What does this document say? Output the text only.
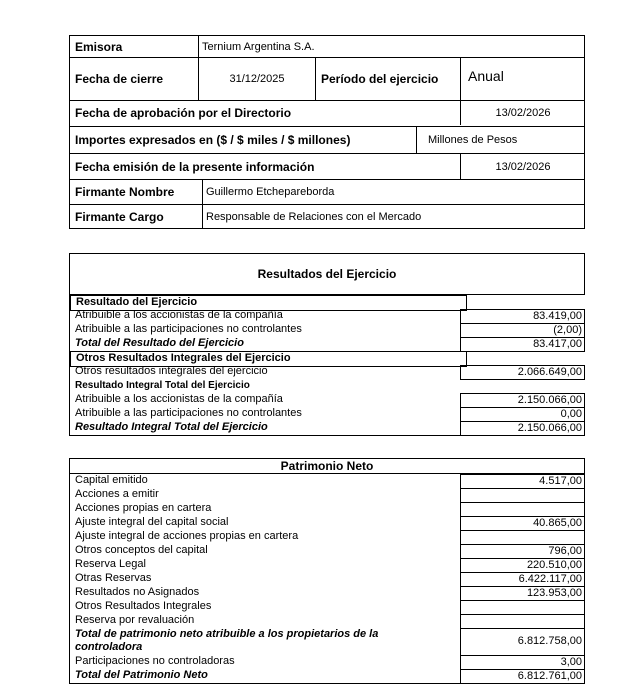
Emisora	Ternium Argentina S.A.
Fecha de cierre	31/12/2025	Período del ejercicio	Anual
Fecha de aprobación por el Directorio	13/02/2026
Importes expresados en ($ / $ miles / $ millones)	Millones de Pesos
Fecha emisión de la presente información	13/02/2026
Firmante Nombre	Guillermo Etchepareborda
Firmante Cargo	Responsable de Relaciones con el Mercado
Resultados del Ejercicio
Resultado del Ejercicio
Atribuible a los accionistas de la compañía	83.419,00
Atribuible a las participaciones no controlantes	(2,00)
Total del Resultado del Ejercicio	83.417,00
Otros Resultados Integrales del Ejercicio
Otros resultados integrales del ejercicio	2.066.649,00
Resultado Integral Total del Ejercicio
Atribuible a los accionistas de la compañía	2.150.066,00
Atribuible a las participaciones no controlantes	0,00
Resultado Integral Total del Ejercicio	2.150.066,00
Patrimonio Neto
Capital emitido	4.517,00
Acciones a emitir
Acciones propias en cartera
Ajuste integral del capital social	40.865,00
Ajuste integral de acciones propias en cartera
Otros conceptos del capital	796,00
Reserva Legal	220.510,00
Otras Reservas	6.422.117,00
Resultados no Asignados	123.953,00
Otros Resultados Integrales
Reserva por revaluación
Total de patrimonio neto atribuible a los propietarios de la controladora	6.812.758,00
Participaciones no controladoras	3,00
Total del Patrimonio Neto	6.812.761,00
